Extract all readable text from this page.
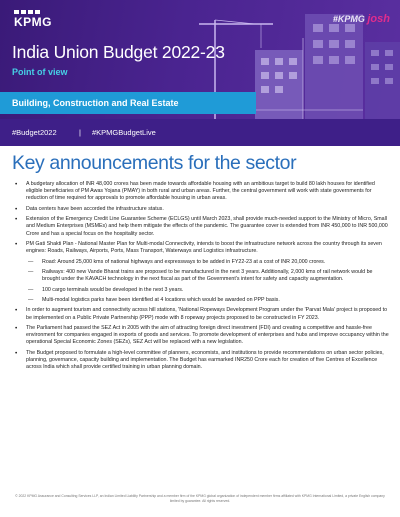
KPMG	#KPMG josh
India Union Budget 2022-23
Point of view
Building, Construction and Real Estate
#Budget2022	| #KPMGBudgetLive
Key announcements for the sector

• A budgetary allocation of INR 48,000 crores has been made towards affordable housing with an ambitious target to build 80 lakh houses for identified eligible beneficiaries of PM Awas Yojana (PMAY) in both rural and urban areas. Further, the central government will work with state governments for reduction of time required for approvals to promote affordable housing in urban areas.

• Data centers have been accorded the infrastructure status.

• Extension of the Emergency Credit Line Guarantee Scheme (ECLGS) until March 2023, shall provide much-needed support to the Ministry of Micro, Small and Medium Enterprises (MSMEs) and help them mitigate the effects of the pandemic. The guarantee cover is extended from INR 450,000 to INR 500,000 Crore and has a special focus on the hospitality sector.

• PM Gati Shakti Plan - National Master Plan for Multi-modal Connectivity, intends to boost the infrastructure network across the country through its seven engines: Roads, Railways, Airports, Ports, Mass Transport, Waterways and Logistics infrastructure.

— Road: Around 25,000 kms of national highways and expressways to be added in FY22-23 at a cost of INR 20,000 crores.

— Railways: 400 new Vande Bharat trains are proposed to be manufactured in the next 3 years. Additionally, 2,000 kms of rail network would be brought under the KAVACH technology in the next fiscal as part of the Government's intent for safety and capacity augmentation.

— 100 cargo terminals would be developed in the next 3 years.

— Multi-modal logistics parks have been identified at 4 locations which would be awarded on PPP basis.

• In order to augment tourism and connectivity across hill stations, 'National Ropeways Development Program under the 'Parvat Mala' project is proposed to be implemented on a Public Private Partnership (PPP) mode with 8 ropeway projects proposed to be constructed in FY 2023.

• The Parliament had passed the SEZ Act in 2005 with the aim of attracting foreign direct investment (FDI) and creating a competitive and hassle-free environment for companies engaged in exports of goods and services. To promote development of enterprises and hubs and improve occupancy within the operational Special Economic Zones (SEZs), SEZ Act will be replaced with a new legislation.

• The Budget proposed to formulate a high-level committee of planners, economists, and institutions to provide recommendations on urban sector policies, planning, governance, capacity building and implementation. The Budget has earmarked INR250 Crore each for creation of five Centres of Excellence across India which shall provide certified training in urban planning domain.

© 2022 KPMG Assurance and Consulting Services LLP, an Indian Limited Liability Partnership and a member firm of the KPMG global organization of independent member firms affiliated with KPMG International Limited, a private English company limited by guarantee. All rights reserved.
